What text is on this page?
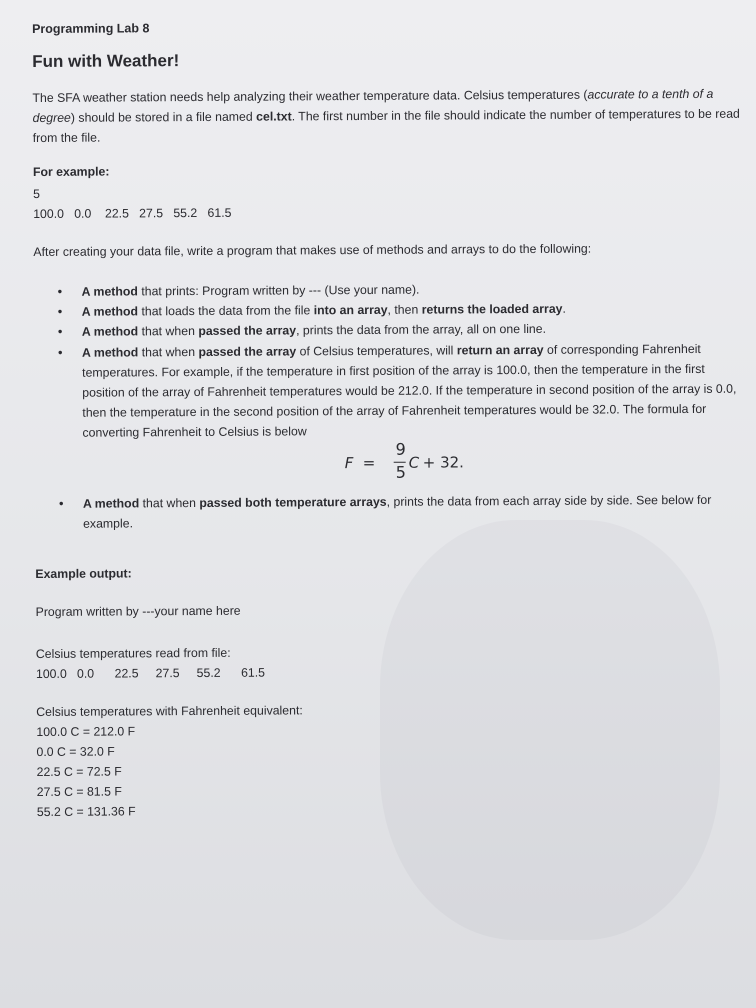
Programming Lab 8

Fun with Weather!

The SFA weather station needs help analyzing their weather temperature data. Celsius temperatures (accurate to a tenth of a degree) should be stored in a file named cel.txt. The first number in the file should indicate the number of temperatures to be read from the file.

For example:

5

100.0   0.0    22.5   27.5   55.2   61.5

After creating your data file, write a program that makes use of methods and arrays to do the following:

• A method that prints: Program written by --- (Use your name).
• A method that loads the data from the file into an array, then returns the loaded array.
• A method that when passed the array, prints the data from the array, all on one line.
• A method that when passed the array of Celsius temperatures, will return an array of corresponding Fahrenheit temperatures. For example, if the temperature in first position of the array is 100.0, then the temperature in the first position of the array of Fahrenheit temperatures would be 212.0. If the temperature in second position of the array is 0.0, then the temperature in the second position of the array of Fahrenheit temperatures would be 32.0. The formula for converting Fahrenheit to Celsius is below
F =
9
5
C + 32.
• A method that when passed both temperature arrays, prints the data from each array side by side. See below for example.

Example output:

Program written by ---your name here

Celsius temperatures read from file:

100.0   0.0      22.5     27.5     55.2      61.5

Celsius temperatures with Fahrenheit equivalent:

100.0 C = 212.0 F

0.0 C = 32.0 F

22.5 C = 72.5 F

27.5 C = 81.5 F

55.2 C = 131.36 F
